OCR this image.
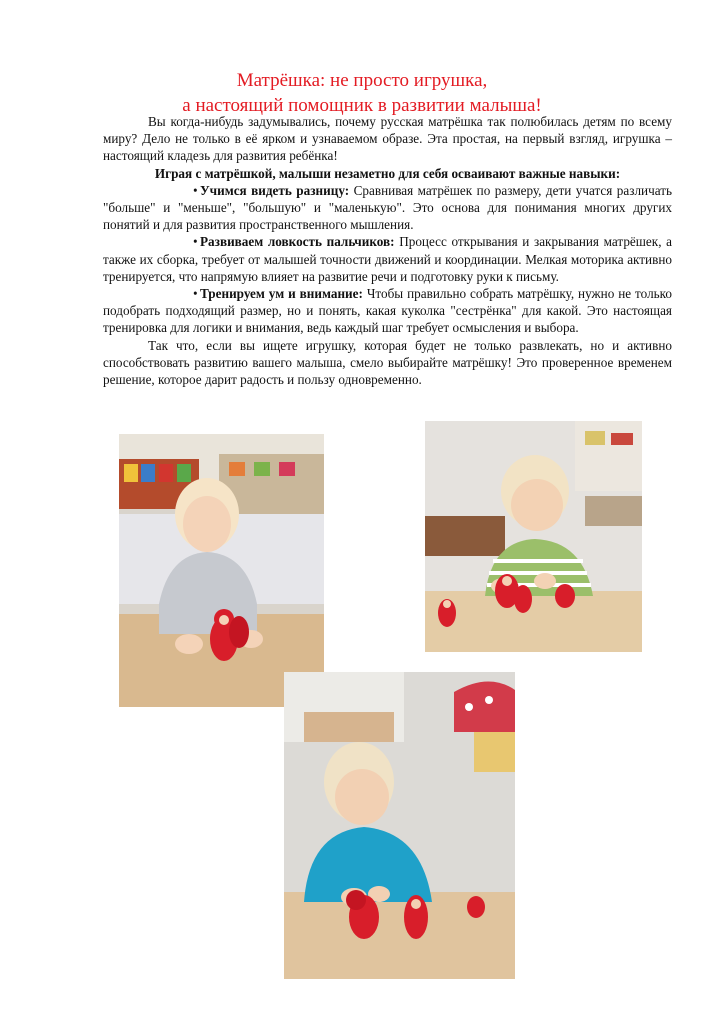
Матрёшка: не просто игрушка,
а настоящий помощник в развитии малыша!

Вы когда-нибудь задумывались, почему русская матрёшка так полюбилась детям по всему миру? Дело не только в её ярком и узнаваемом образе. Эта простая, на первый взгляд, игрушка – настоящий кладезь для развития ребёнка!

Играя с матрёшкой, малыши незаметно для себя осваивают важные навыки:

• Учимся видеть разницу: Сравнивая матрёшек по размеру, дети учатся различать "больше" и "меньше", "большую" и "маленькую". Это основа для понимания многих других понятий и для развития пространственного мышления.

• Развиваем ловкость пальчиков: Процесс открывания и закрывания матрёшек, а также их сборка, требует от малышей точности движений и координации. Мелкая моторика активно тренируется, что напрямую влияет на развитие речи и подготовку руки к письму.

• Тренируем ум и внимание: Чтобы правильно собрать матрёшку, нужно не только подобрать подходящий размер, но и понять, какая куколка "сестрёнка" для какой. Это настоящая тренировка для логики и внимания, ведь каждый шаг требует осмысления и выбора.

Так что, если вы ищете игрушку, которая будет не только развлекать, но и активно способствовать развитию вашего малыша, смело выбирайте матрёшку! Это проверенное временем решение, которое дарит радость и пользу одновременно.
